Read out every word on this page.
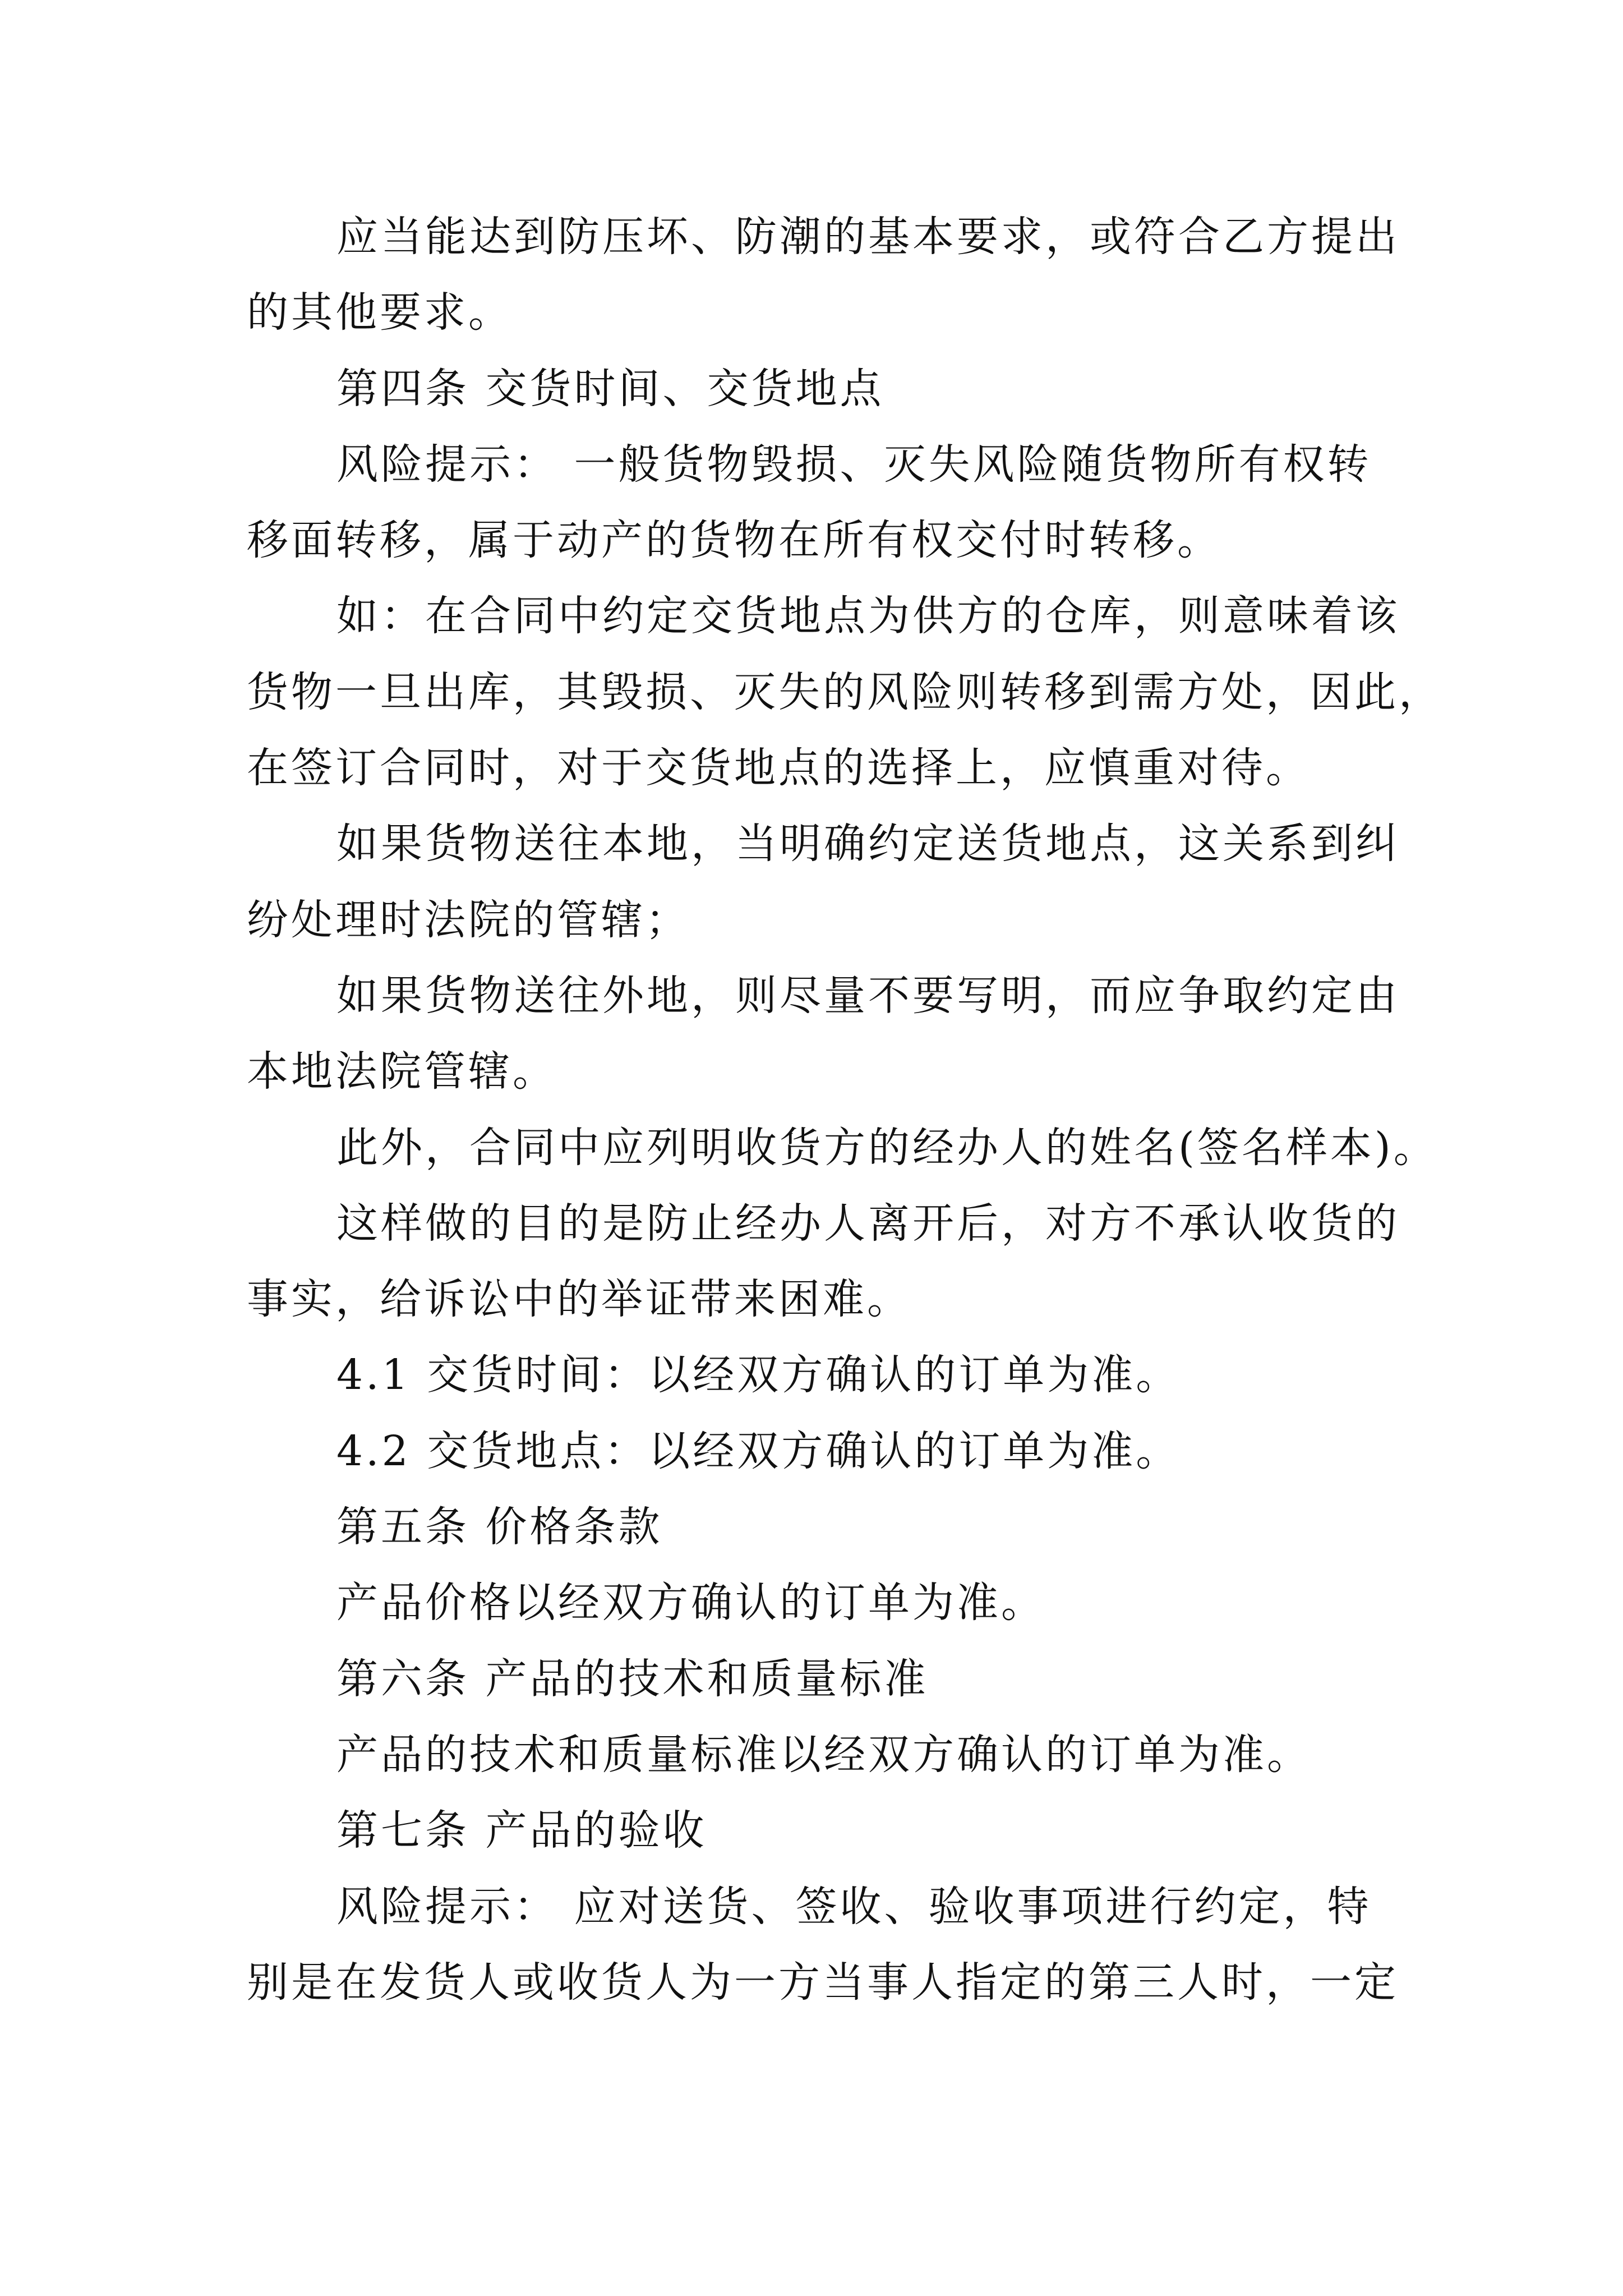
应当能达到防压坏、防潮的基本要求，或符合乙方提出
的其他要求。
第四条 交货时间、交货地点
风险提示： 一般货物毁损、灭失风险随货物所有权转
移面转移，属于动产的货物在所有权交付时转移。
如：在合同中约定交货地点为供方的仓库，则意味着该
货物一旦出库，其毁损、灭失的风险则转移到需方处，因此，
在签订合同时，对于交货地点的选择上，应慎重对待。
如果货物送往本地，当明确约定送货地点，这关系到纠
纷处理时法院的管辖；
如果货物送往外地，则尽量不要写明，而应争取约定由
本地法院管辖。
此外，合同中应列明收货方的经办人的姓名(签名样本)。
这样做的目的是防止经办人离开后，对方不承认收货的
事实，给诉讼中的举证带来困难。
4.1 交货时间：以经双方确认的订单为准。
4.2 交货地点：以经双方确认的订单为准。
第五条 价格条款
产品价格以经双方确认的订单为准。
第六条 产品的技术和质量标准
产品的技术和质量标准以经双方确认的订单为准。
第七条 产品的验收
风险提示： 应对送货、签收、验收事项进行约定，特
别是在发货人或收货人为一方当事人指定的第三人时，一定
